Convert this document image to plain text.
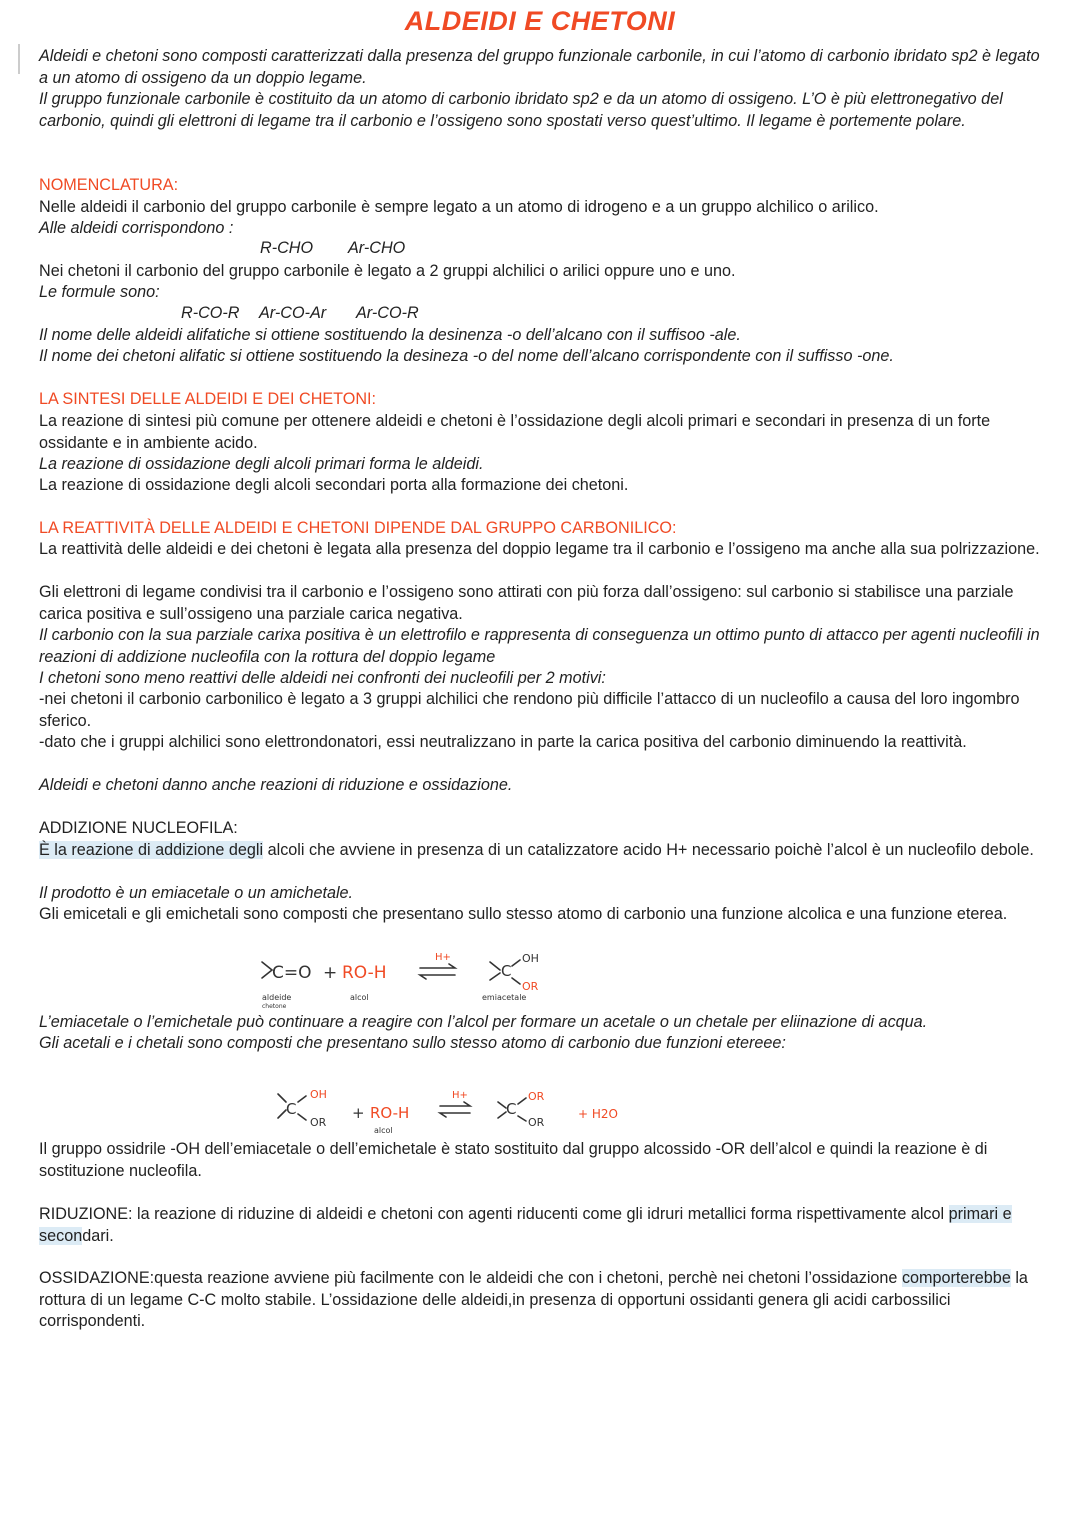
ALDEIDI E CHETONI
Aldeidi e chetoni sono composti caratterizzati dalla presenza del gruppo funzionale carbonile, in cui l’atomo di carbonio ibridato sp2 è legato a un atomo di ossigeno da un doppio legame.
Il gruppo funzionale carbonile è costituito da un atomo di carbonio ibridato sp2 e da un atomo di ossigeno. L’O è più elettronegativo del carbonio, quindi gli elettroni di legame tra il carbonio e l’ossigeno sono spostati verso quest’ultimo. Il legame è portemente polare.
NOMENCLATURA:
Nelle aldeidi il carbonio del gruppo carbonile è sempre legato a un atomo di idrogeno e a un gruppo alchilico o arilico.
Alle aldeidi corrispondono :
R-CHO Ar-CHO
Nei chetoni il carbonio del gruppo carbonile è legato a 2 gruppi alchilici o arilici oppure uno e uno.
Le formule sono:
R-CO-R Ar-CO-Ar Ar-CO-R
Il nome delle aldeidi alifatiche si ottiene sostituendo la desinenza -o dell’alcano con il suffisoo -ale.
Il nome dei chetoni alifatic si ottiene sostituendo la desineza -o del nome dell’alcano corrispondente con il suffisso -one.
LA SINTESI DELLE ALDEIDI E DEI CHETONI:
La reazione di sintesi più comune per ottenere aldeidi e chetoni è l’ossidazione degli alcoli primari e secondari in presenza di un forte ossidante e in ambiente acido.
La reazione di ossidazione degli alcoli primari forma le aldeidi.
La reazione di ossidazione degli alcoli secondari porta alla formazione dei chetoni.
LA REATTIVITÀ DELLE ALDEIDI E CHETONI DIPENDE DAL GRUPPO CARBONILICO:
La reattività delle aldeidi e dei chetoni è legata alla presenza del doppio legame tra il carbonio e l’ossigeno ma anche alla sua polrizzazione.
Gli elettroni di legame condivisi tra il carbonio e l’ossigeno sono attirati con più forza dall’ossigeno: sul carbonio si stabilisce una parziale carica positiva e sull’ossigeno una parziale carica negativa.
Il carbonio con la sua parziale carixa positiva è un elettrofilo e rappresenta di conseguenza un ottimo punto di attacco per agenti nucleofili in reazioni di addizione nucleofila con la rottura del doppio legame
I chetoni sono meno reattivi delle aldeidi nei confronti dei nucleofili per 2 motivi:
-nei chetoni il carbonio carbonilico è legato a 3 gruppi alchilici che rendono più difficile l’attacco di un nucleofilo a causa del loro ingombro sferico.
-dato che i gruppi alchilici sono elettrondonatori, essi neutralizzano in parte la carica positiva del carbonio diminuendo la reattività.
Aldeidi e chetoni danno anche reazioni di riduzione e ossidazione.
ADDIZIONE NUCLEOFILA:
È la reazione di addizione degli alcoli che avviene in presenza di un catalizzatore acido H+ necessario poichè l’alcol è un nucleofilo debole.
Il prodotto è un emiacetale o un amichetale.
Gli emicetali e gli emichetali sono composti che presentano sullo stesso atomo di carbonio una funzione alcolica e una funzione eterea.
C=O + RO-H
H+
C
OH
OR
aldeide
chetone
alcol	emiacetale
L’emiacetale o l’emichetale può continuare a reagire con l’alcol per formare un acetale o un chetale per eliinazione di acqua.
Gli acetali e i chetali sono composti che presentano sullo stesso atomo di carbonio due funzioni etereee:
C
OH
OR
+ RO-H
alcol
H+
C
OR
OR
+ H2O
Il gruppo ossidrile -OH dell’emiacetale o dell’emichetale è stato sostituito dal gruppo alcossido -OR dell’alcol e quindi la reazione è di sostituzione nucleofila.
RIDUZIONE: la reazione di riduzine di aldeidi e chetoni con agenti riducenti come gli idruri metallici forma rispettivamente alcol primari e secondari.
OSSIDAZIONE:questa reazione avviene più facilmente con le aldeidi che con i chetoni, perchè nei chetoni l’ossidazione comporterebbe la rottura di un legame C-C molto stabile. L’ossidazione delle aldeidi,in presenza di opportuni ossidanti genera gli acidi carbossilici corrispondenti.
